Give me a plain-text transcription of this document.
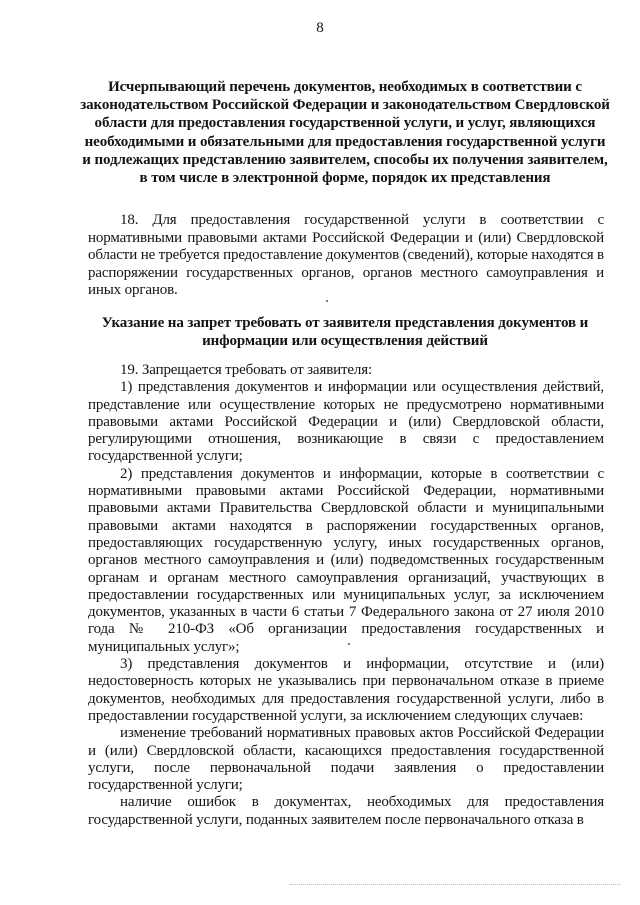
8
Исчерпывающий перечень документов, необходимых в соответствии с законодательством Российской Федерации и законодательством Свердловской области для предоставления государственной услуги, и услуг, являющихся необходимыми и обязательными для предоставления государственной услуги и подлежащих представлению заявителем, способы их получения заявителем, в том числе в электронной форме, порядок их представления
18. Для предоставления государственной услуги в соответствии с нормативными правовыми актами Российской Федерации и (или) Свердловской области не требуется предоставление документов (сведений), которые находятся в распоряжении государственных органов, органов местного самоуправления и иных органов.
Указание на запрет требовать от заявителя представления документов и информации или осуществления действий

19. Запрещается требовать от заявителя:

1) представления документов и информации или осуществления действий, представление или осуществление которых не предусмотрено нормативными правовыми актами Российской Федерации и (или) Свердловской области, регулирующими отношения, возникающие в связи с предоставлением государственной услуги;

2) представления документов и информации, которые в соответствии с нормативными правовыми актами Российской Федерации, нормативными правовыми актами Правительства Свердловской области и муниципальными правовыми актами находятся в распоряжении государственных органов, предоставляющих государственную услугу, иных государственных органов, органов местного самоуправления и (или) подведомственных государственным органам и органам местного самоуправления организаций, участвующих в предоставлении государственных или муниципальных услуг, за исключением документов, указанных в части 6 статьи 7 Федерального закона от 27 июля 2010 года № 210-ФЗ «Об организации предоставления государственных и муниципальных услуг»;

3) представления документов и информации, отсутствие и (или) недостоверность которых не указывались при первоначальном отказе в приеме документов, необходимых для предоставления государственной услуги, либо в предоставлении государственной услуги, за исключением следующих случаев:

изменение требований нормативных правовых актов Российской Федерации и (или) Свердловской области, касающихся предоставления государственной услуги, после первоначальной подачи заявления о предоставлении государственной услуги;

наличие ошибок в документах, необходимых для предоставления государственной услуги, поданных заявителем после первоначального отказа в
